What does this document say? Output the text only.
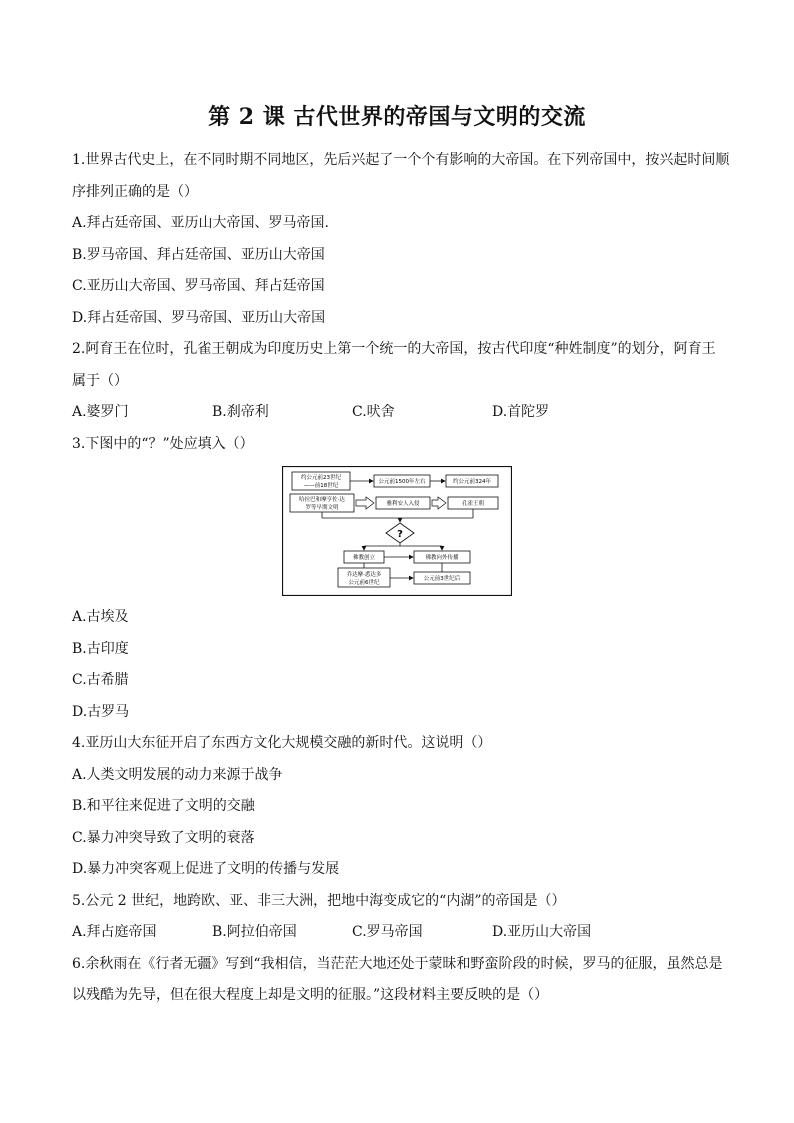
第 2 课 古代世界的帝国与文明的交流
1.世界古代史上，在不同时期不同地区，先后兴起了一个个有影响的大帝国。在下列帝国中，按兴起时间顺
序排列正确的是（）
A.拜占廷帝国、亚历山大帝国、罗马帝国.
B.罗马帝国、拜占廷帝国、亚历山大帝国
C.亚历山大帝国、罗马帝国、拜占廷帝国
D.拜占廷帝国、罗马帝国、亚历山大帝国
2.阿育王在位时，孔雀王朝成为印度历史上第一个统一的大帝国，按古代印度“种姓制度”的划分，阿育王
属于（）
A.婆罗门	B.刹帝利	C.吠舍	D.首陀罗
3.下图中的“？”处应填入（）
约公元前23世纪
——前18世纪
公元前1500年左右	约公元前324年
哈拉巴和摩亨佐·达
罗等早期文明
雅利安人入侵	孔雀王朝
?
佛教创立	佛教向外传播
乔达摩·悉达多
公元前6世纪
公元前3世纪后
A.古埃及
B.古印度
C.古希腊
D.古罗马
4.亚历山大东征开启了东西方文化大规模交融的新时代。这说明（）
A.人类文明发展的动力来源于战争
B.和平往来促进了文明的交融
C.暴力冲突导致了文明的衰落
D.暴力冲突客观上促进了文明的传播与发展
5.公元 2 世纪，地跨欧、亚、非三大洲，把地中海变成它的“内湖”的帝国是（）
A.拜占庭帝国	B.阿拉伯帝国	C.罗马帝国	D.亚历山大帝国
6.余秋雨在《行者无疆》写到“我相信，当茫茫大地还处于蒙昧和野蛮阶段的时候，罗马的征服，虽然总是
以残酷为先导，但在很大程度上却是文明的征服。”这段材料主要反映的是（）
